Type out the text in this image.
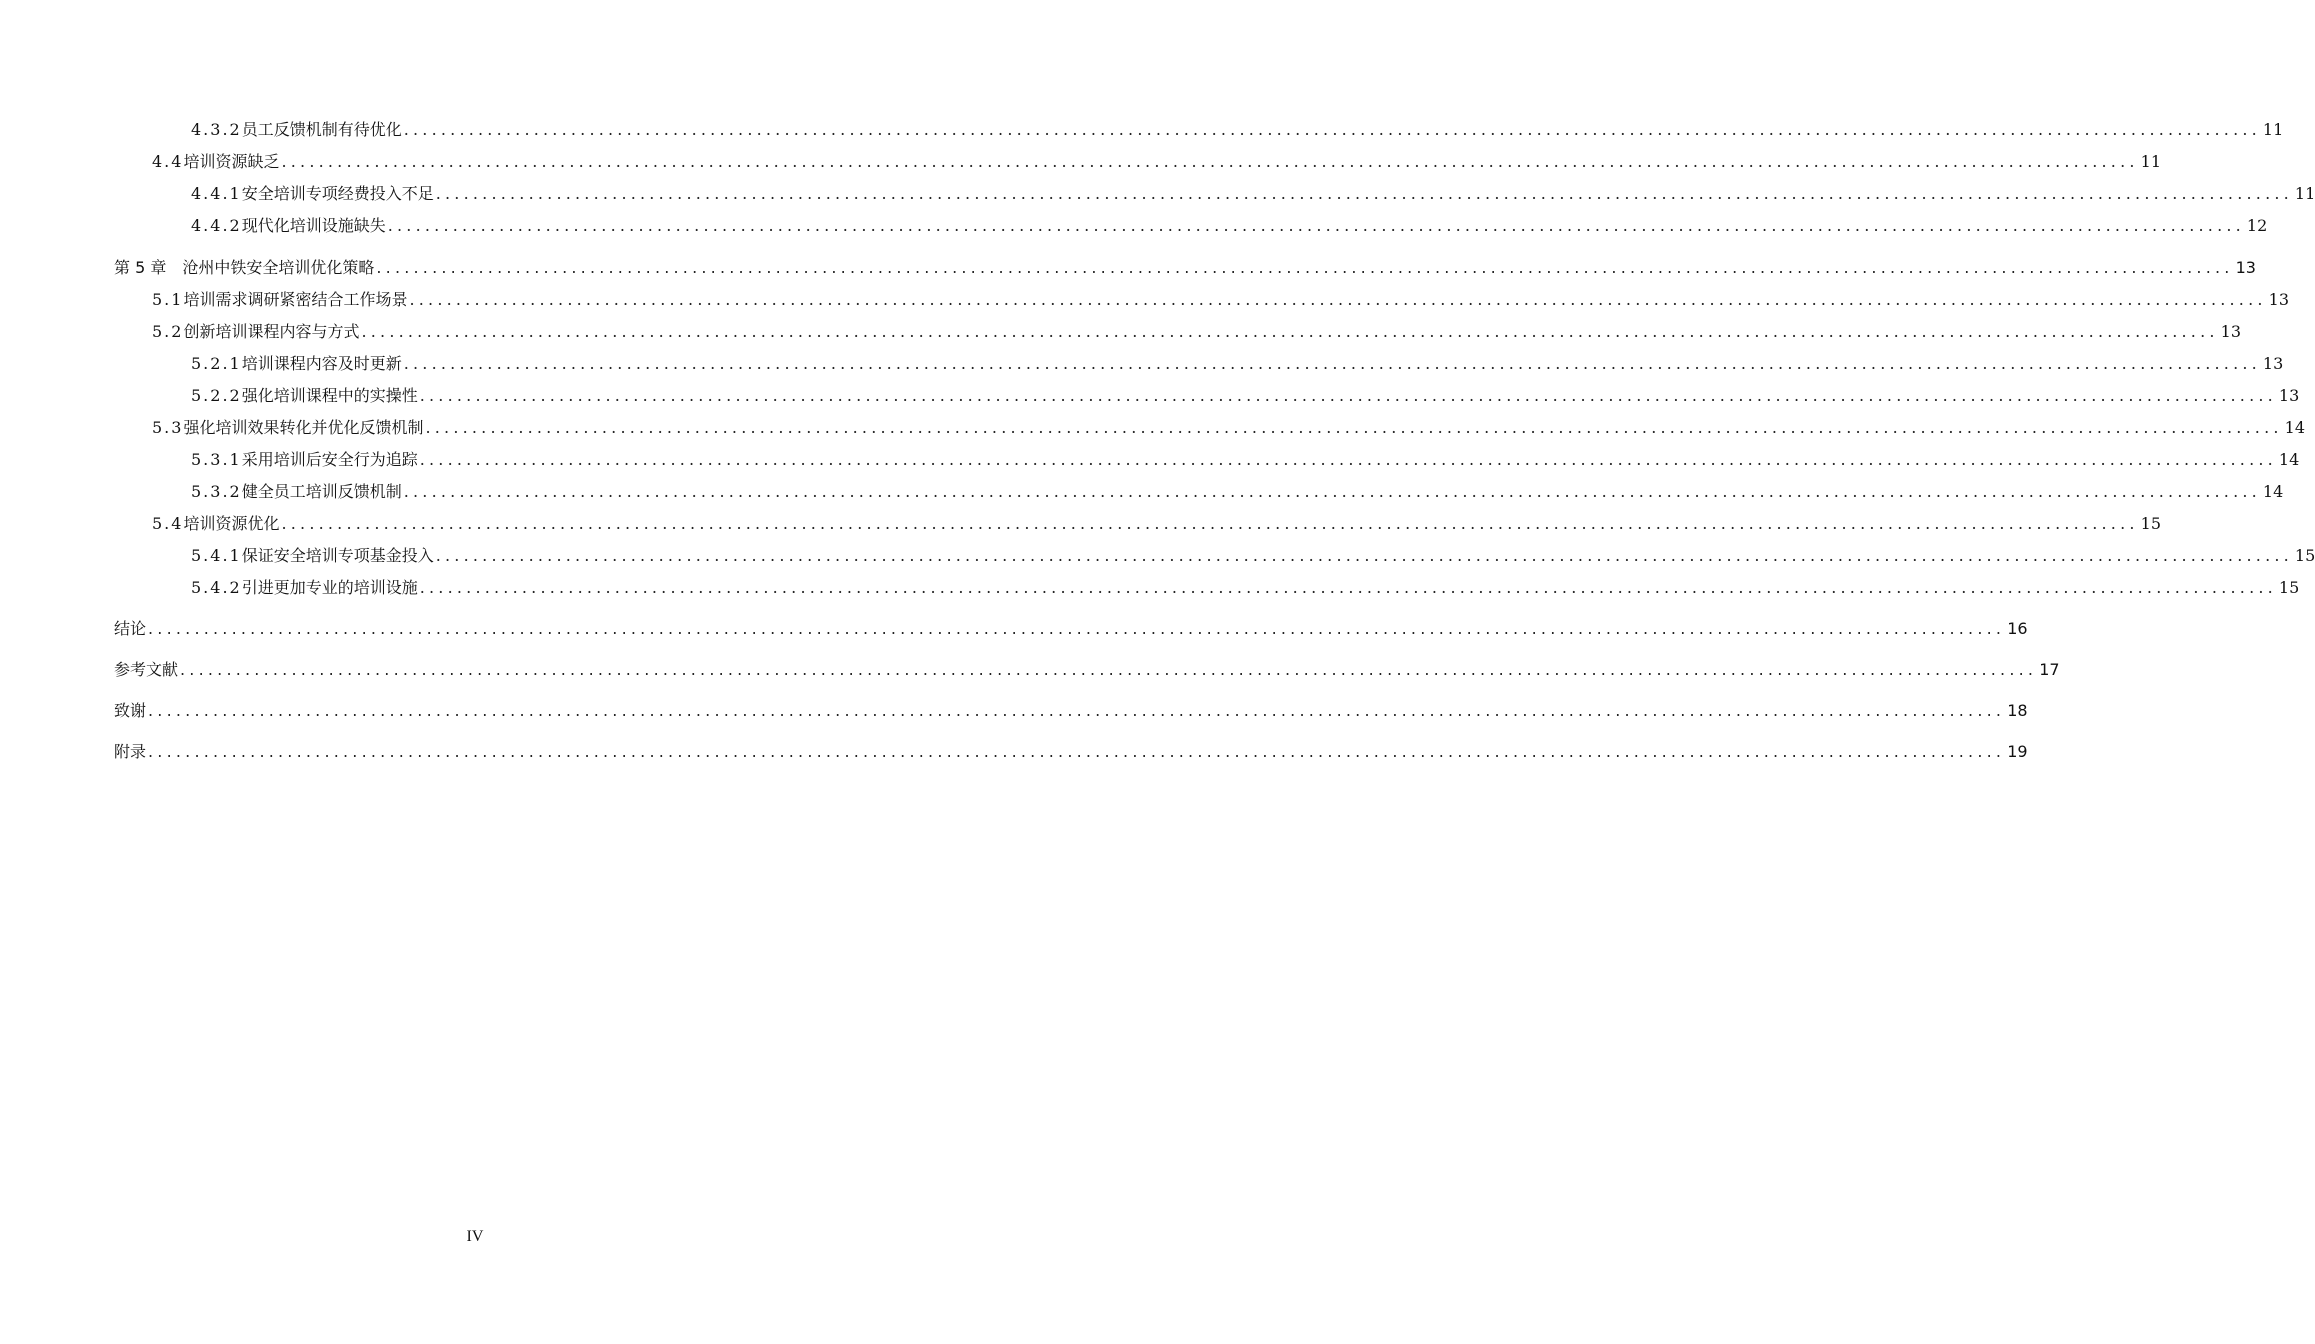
4.3.2 员工反馈机制有待优化 ........................................................................................................................................................................................................ 11
4.4 培训资源缺乏 ........................................................................................................................................................................................................ 11
4.4.1 安全培训专项经费投入不足 ........................................................................................................................................................................................................ 11
4.4.2 现代化培训设施缺失 ........................................................................................................................................................................................................ 12
第 5 章 沧州中铁安全培训优化策略 ........................................................................................................................................................................................................ 13
5.1 培训需求调研紧密结合工作场景 ........................................................................................................................................................................................................ 13
5.2 创新培训课程内容与方式 ........................................................................................................................................................................................................ 13
5.2.1 培训课程内容及时更新 ........................................................................................................................................................................................................ 13
5.2.2 强化培训课程中的实操性 ........................................................................................................................................................................................................ 13
5.3 强化培训效果转化并优化反馈机制 ........................................................................................................................................................................................................ 14
5.3.1 采用培训后安全行为追踪 ........................................................................................................................................................................................................ 14
5.3.2 健全员工培训反馈机制 ........................................................................................................................................................................................................ 14
5.4 培训资源优化 ........................................................................................................................................................................................................ 15
5.4.1 保证安全培训专项基金投入 ........................................................................................................................................................................................................ 15
5.4.2 引进更加专业的培训设施 ........................................................................................................................................................................................................ 15
结论 ........................................................................................................................................................................................................ 16
参考文献 ........................................................................................................................................................................................................ 17
致谢 ........................................................................................................................................................................................................ 18
附录 ........................................................................................................................................................................................................ 19
IV
